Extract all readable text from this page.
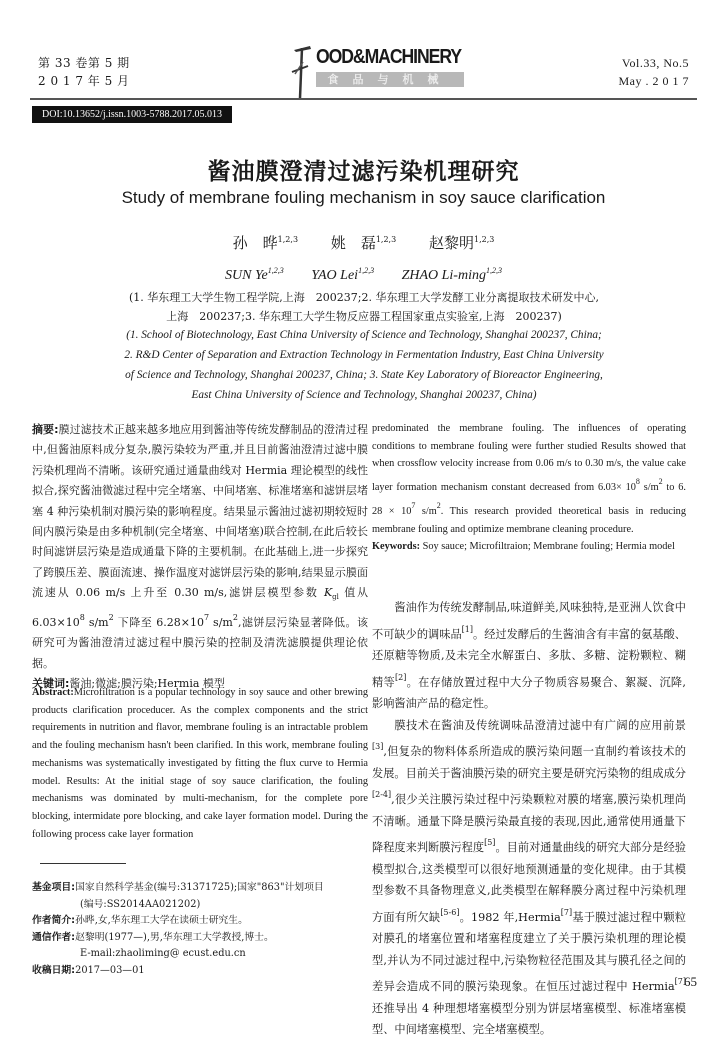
第 33 卷第 5 期
2 0 1 7 年 5 月
OOD&MACHINERY
食品与机械
Vol.33, No.5
May . 2 0 1 7
DOI:10.13652/j.issn.1003-5788.2017.05.013
酱油膜澄清过滤污染机理研究
Study of membrane fouling mechanism in soy sauce clarification
孙　晔$^{1,2,3}$ 姚　磊$^{1,2,3}$ 赵黎明$^{1,2,3}$
SUN Ye$^{1,2,3}$ YAO Lei$^{1,2,3}$ ZHAO Li-ming$^{1,2,3}$
(1. 华东理工大学生物工程学院,上海　200237;2. 华东理工大学发酵工业分离提取技术研发中心,
上海　200237;3. 华东理工大学生物反应器工程国家重点实验室,上海　200237)
(1. School of Biotechnology, East China University of Science and Technology, Shanghai 200237, China;
2. R&D Center of Separation and Extraction Technology in Fermentation Industry, East China University
of Science and Technology, Shanghai 200237, China; 3. State Key Laboratory of Bioreactor Engineering,
East China University of Science and Technology, Shanghai 200237, China)
摘要:膜过滤技术正越来越多地应用到酱油等传统发酵制品的澄清过程中,但酱油原料成分复杂,膜污染较为严重,并且目前酱油澄清过滤中膜污染机理尚不清晰。该研究通过通量曲线对 Hermia 理论模型的线性拟合,探究酱油微滤过程中完全堵塞、中间堵塞、标准堵塞和滤饼层堵塞 4 种污染机制对膜污染的影响程度。结果显示酱油过滤初期较短时间内膜污染是由多种机制(完全堵塞、中间堵塞)联合控制,在此后较长时间滤饼层污染是造成通量下降的主要机制。在此基础上,进一步探究了跨膜压差、膜面流速、操作温度对滤饼层污染的影响,结果显示膜面流速从 0.06 m/s 上升至 0.30 m/s,滤饼层模型参数 $K_{gl}$ 值从 $6.03\times 10^8$ $s/m^2$ 下降至 $6.28\times 10^7$ $s/m^2$,滤饼层污染显著降低。该研究可为酱油澄清过滤过程中膜污染的控制及清洗滤膜提供理论依据。
关键词:酱油;微滤;膜污染;Hermia 模型
Abstract:Microfiltration is a popular technology in soy sauce and other brewing products clarification proceducer. As the complex components and the strict requirements in nutrition and flavor, membrane fouling is an intractable problem and the fouling mechanism hasn't been clarified. In this work, membrane fouling mechanisms was systematically investigated by fitting the flux curve to Hermia model. Results: At the initial stage of soy sauce clarification, the fouling mechanisms was dominated by multi-mechanism, for the complete pore blocking, intermidate pore blocking, and cake layer formation model. During the following process cake layer formation
predominated the membrane fouling. The influences of operating conditions to membrane fouling were further studied Results showed that when crossflow velocity increase from 0.06 m/s to 0.30 m/s, the value cake layer formation mechanism constant decreased from $6.03\times 10^8$ $s/m^2$ to 6. $28 \times 10^7$ $s/m^2$. This research provided theoretical basis in reducing membrane fouling and optimize membrane cleaning procedure.
Keywords: Soy sauce; Microfiltraion; Membrane fouling; Hermia model

酱油作为传统发酵制品,味道鲜美,风味独特,是亚洲人饮食中不可缺少的调味品[1]。经过发酵后的生酱油含有丰富的氨基酸、还原糖等物质,及未完全水解蛋白、多肽、多糖、淀粉颗粒、糊精等[2]。在存储放置过程中大分子物质容易聚合、絮凝、沉降,影响酱油产品的稳定性。

膜技术在酱油及传统调味品澄清过滤中有广阔的应用前景[3],但复杂的物料体系所造成的膜污染问题一直制约着该技术的发展。目前关于酱油膜污染的研究主要是研究污染物的组成成分[2-4],很少关注膜污染过程中污染颗粒对膜的堵塞,膜污染机理尚不清晰。通量下降是膜污染最直接的表现,因此,通常使用通量下降程度来判断膜污程度[5]。目前对通量曲线的研究大部分是经验模型拟合,这类模型可以很好地预测通量的变化规律。由于其模型参数不具备物理意义,此类模型在解释膜分离过程中污染机理方面有所欠缺[5-6]。1982 年,Hermia[7]基于膜过滤过程中颗粒对膜孔的堵塞位置和堵塞程度建立了关于膜污染机理的理论模型,并认为不同过滤过程中,污染物粒径范围及其与膜孔径之间的差异会造成不同的膜污染现象。在恒压过滤过程中 Hermia[7]还推导出 4 种理想堵塞模型分别为饼层堵塞模型、标准堵塞模型、中间堵塞模型、完全堵塞模型。

基金项目: 国家自然科学基金(编号:31371725);国家"863"计划项目
(编号:SS2014AA021202)
作者简介: 孙晔,女,华东理工大学在读硕士研究生。
通信作者: 赵黎明(1977—),男,华东理工大学教授,博士。
E-mail:zhaoliming@ ecust.edu.cn
收稿日期: 2017—03—01
65
